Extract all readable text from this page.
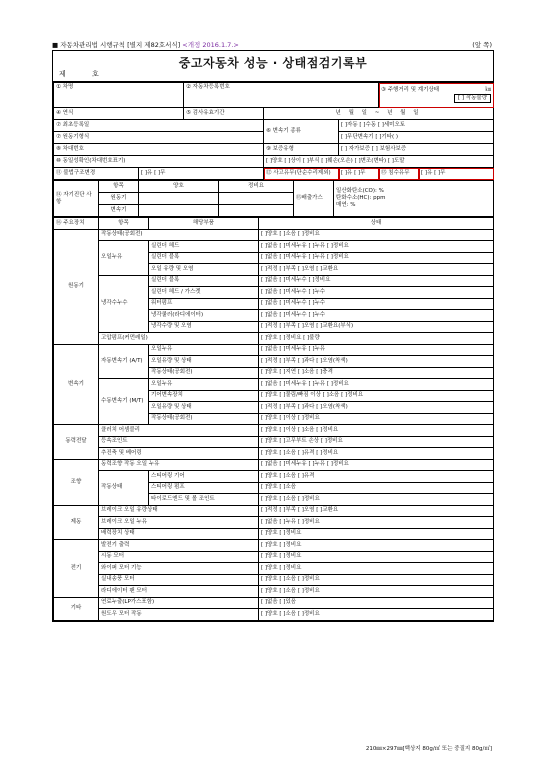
■ 자동차관리법 시행규칙 [별지 제82호서식] <개정 2016.1.7.>	(앞 쪽)
중고자동차 성능 · 상태점검기록부
제 호
① 차명		② 자동차등록번호			③ 주행거리 및 계기상태 ㎞

[ ] 작동불량	

④ 연식		⑤ 검사유효기간	년 월 일 ~ 년 월 일			
⑦ 최초등록일			⑥ 변속기 종류	[ ]자동 [ ]수동 [ ]세미오토		
⑦ 원동기형식				[ ]무단변속기 [ ]기타( )		
⑧ 차대번호			⑨ 보증유형	[ ] 자가보증 [ ] 보험사보증		
⑩ 동일성확인(차대번호표기)			[ ]양호 [ ]상이 [ ]부식 [ ]훼손(오손) [ ]변조(변타) [ ]도말			
⑪ 불법구조변경	[ ]유 [ ]무		⑫ 사고유무(단순수리제외)	[ ]유 [ ]무	⑬ 침수유무	[ ]유 [ ]무
⑭ 자기진단 사항	항목	양호	정비요	⑮배출가스	일산화탄소(CO): %
탄화수소(HC): ppm
매연: %
	원동기				
	변속기				
⑯ 주요장치	항목	해당부품	상태
원동기	작동상태(공회전)		[ ]양호 [ ]소음 [ ]정비요
	오일누유	실린더 헤드	[ ]없음 [ ]미세누유 [ ]누유 [ ]정비요
		실린더 블록	[ ]없음 [ ]미세누유 [ ]누유 [ ]정비요
		오일 유량 및 오염	[ ]적정 [ ]부족 [ ]오염 [ ]교환요
	냉각수누수	실린더 블록	[ ]없음 [ ]미세누수 [ ]정비요
		실린더 헤드 / 가스켓	[ ]없음 [ ]미세누수 [ ]누수
		워터펌프	[ ]없음 [ ]미세누수 [ ]누수
		냉각쿨러(라디에이터)	[ ]없음 [ ]미세누수 [ ]누수
		냉각수량 및 오염	[ ]적정 [ ]부족 [ ]오염 [ ]교환요(부식)
	고압펌프(커먼레일)		[ ]양호 [ ]정비요 [ ]불량
변속기	자동변속기 (A/T)	오일누유	[ ]없음 [ ]미세누유 [ ]누유
		오일유량 및 상태	[ ]적정 [ ]부족 [ ]과다 [ ]오염(착색)
		작동상태(공회전)	[ ]양호 [ ]지연 [ ]소음 [ ]충격
	수동변속기 (M/T)	오일누유	[ ]없음 [ ]미세누유 [ ]누유 [ ]정비요
		기어변속장치	[ ]양호 [ ]물림/빠짐 이상 [ ]소음 [ ]정비요
		오일유량 및 상태	[ ]적정 [ ]부족 [ ]과다 [ ]오염(착색)
		작동상태(공회전)	[ ]양호 [ ]이상 [ ]정비요
동력전달	클러치 어셈블리		[ ]양호 [ ]이상 [ ]소음 [ ]정비요
	등속조인트		[ ]양호 [ ]고무부트 손상 [ ]정비요
	추진축 및 베어링		[ ]양호 [ ]소음 [ ]유격 [ ]정비요
조향	동력조향 작동 오일 누유		[ ]없음 [ ]미세누유 [ ]누유 [ ]정비요
	작동상태	스티어링 기어	[ ]양호 [ ]소음 [ ]유격
		스티어링 펌프	[ ]양호 [ ]소음
		타이로드엔드 및 볼 조인트	[ ]양호 [ ]소음 [ ]정비요
제동	브레이크 오일 유량상태		[ ]적정 [ ]부족 [ ]오염 [ ]교환요
	브레이크 오일 누유		[ ]없음 [ ]누유 [ ]정비요
	배력장치 상태		[ ]양호 [ ]정비요
전기	발전기 출력		[ ]양호 [ ]정비요
	시동 모터		[ ]양호 [ ]정비요
	와이퍼 모터 기능		[ ]양호 [ ]정비요
	실내송풍 모터		[ ]양호 [ ]소음 [ ]정비요
	라디에이터 팬 모터		[ ]양호 [ ]소음 [ ]정비요
기타	연료누출(LP가스포함)		[ ]없음 [ ]있음
	원도우 모터 작동		[ ]양호 [ ]소음 [ ]정비요
210㎜×297㎜[백상지 80g/㎡ 또는 중질지 80g/㎡]
